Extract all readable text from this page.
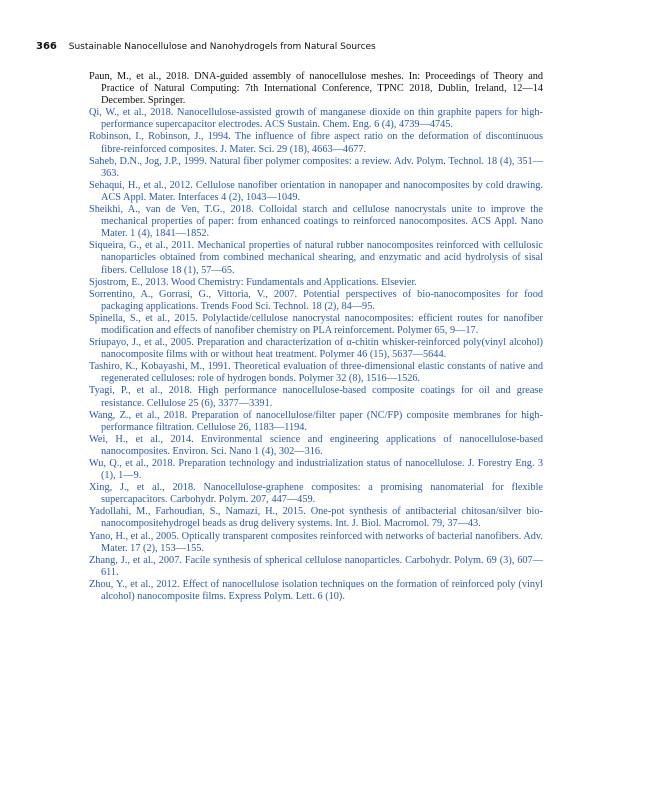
366 Sustainable Nanocellulose and Nanohydrogels from Natural Sources

Paun, M., et al., 2018. DNA-guided assembly of nanocellulose meshes. In: Proceedings of Theory and Practice of Natural Computing: 7th International Conference, TPNC 2018, Dublin, Ireland, 12—14 December. Springer.

Qi, W., et al., 2018. Nanocellulose-assisted growth of manganese dioxide on thin graphite papers for high-performance supercapacitor electrodes. ACS Sustain. Chem. Eng. 6 (4), 4739—4745.

Robinson, I., Robinson, J., 1994. The influence of fibre aspect ratio on the deformation of discontinuous fibre-reinforced composites. J. Mater. Sci. 29 (18), 4663—4677.

Saheb, D.N., Jog, J.P., 1999. Natural fiber polymer composites: a review. Adv. Polym. Technol. 18 (4), 351—363.

Sehaqui, H., et al., 2012. Cellulose nanofiber orientation in nanopaper and nanocomposites by cold drawing. ACS Appl. Mater. Interfaces 4 (2), 1043—1049.

Sheikhi, A., van de Ven, T.G., 2018. Colloidal starch and cellulose nanocrystals unite to improve the mechanical properties of paper: from enhanced coatings to reinforced nanocomposites. ACS Appl. Nano Mater. 1 (4), 1841—1852.

Siqueira, G., et al., 2011. Mechanical properties of natural rubber nanocomposites reinforced with cellulosic nanoparticles obtained from combined mechanical shearing, and enzymatic and acid hydrolysis of sisal fibers. Cellulose 18 (1), 57—65.

Sjostrom, E., 2013. Wood Chemistry: Fundamentals and Applications. Elsevier.

Sorrentino, A., Gorrasi, G., Vittoria, V., 2007. Potential perspectives of bio-nanocomposites for food packaging applications. Trends Food Sci. Technol. 18 (2), 84—95.

Spinella, S., et al., 2015. Polylactide/cellulose nanocrystal nanocomposites: efficient routes for nanofiber modification and effects of nanofiber chemistry on PLA reinforcement. Polymer 65, 9—17.

Sriupayo, J., et al., 2005. Preparation and characterization of α-chitin whisker-reinforced poly(vinyl alcohol) nanocomposite films with or without heat treatment. Polymer 46 (15), 5637—5644.

Tashiro, K., Kobayashi, M., 1991. Theoretical evaluation of three-dimensional elastic constants of native and regenerated celluloses: role of hydrogen bonds. Polymer 32 (8), 1516—1526.

Tyagi, P., et al., 2018. High performance nanocellulose-based composite coatings for oil and grease resistance. Cellulose 25 (6), 3377—3391.

Wang, Z., et al., 2018. Preparation of nanocellulose/filter paper (NC/FP) composite membranes for high-performance filtration. Cellulose 26, 1183—1194.

Wei, H., et al., 2014. Environmental science and engineering applications of nanocellulose-based nanocomposites. Environ. Sci. Nano 1 (4), 302—316.

Wu, Q., et al., 2018. Preparation technology and industrialization status of nanocellulose. J. Forestry Eng. 3 (1), 1—9.

Xing, J., et al., 2018. Nanocellulose-graphene composites: a promising nanomaterial for flexible supercapacitors. Carbohydr. Polym. 207, 447—459.

Yadollahi, M., Farhoudian, S., Namazi, H., 2015. One-pot synthesis of antibacterial chitosan/silver bio-nanocompositehydrogel beads as drug delivery systems. Int. J. Biol. Macromol. 79, 37—43.

Yano, H., et al., 2005. Optically transparent composites reinforced with networks of bacterial nanofibers. Adv. Mater. 17 (2), 153—155.

Zhang, J., et al., 2007. Facile synthesis of spherical cellulose nanoparticles. Carbohydr. Polym. 69 (3), 607—611.

Zhou, Y., et al., 2012. Effect of nanocellulose isolation techniques on the formation of reinforced poly (vinyl alcohol) nanocomposite films. Express Polym. Lett. 6 (10).
